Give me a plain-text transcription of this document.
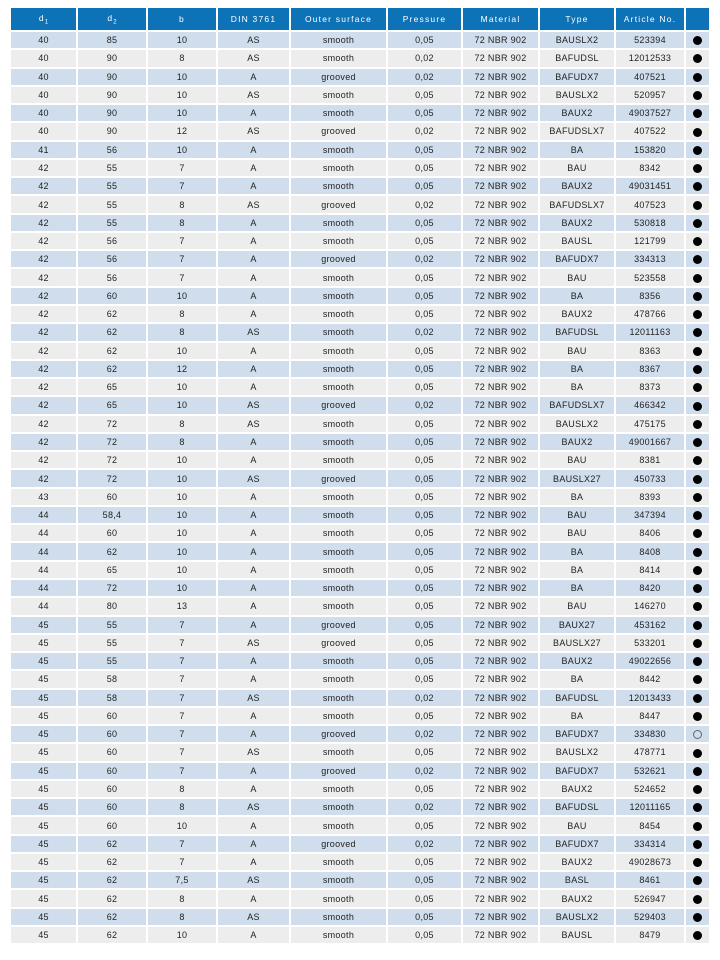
$d_1$	$d_2$	b	DIN 3761	Outer surface	Pressure	Material	Type	Article No.	
40	85	10	AS	smooth	0,05	72 NBR 902	BAUSLX2	523394	
40	90	8	AS	smooth	0,02	72 NBR 902	BAFUDSL	12012533	
40	90	10	A	grooved	0,02	72 NBR 902	BAFUDX7	407521	
40	90	10	AS	smooth	0,05	72 NBR 902	BAUSLX2	520957	
40	90	10	A	smooth	0,05	72 NBR 902	BAUX2	49037527	
40	90	12	AS	grooved	0,02	72 NBR 902	BAFUDSLX7	407522	
41	56	10	A	smooth	0,05	72 NBR 902	BA	153820	
42	55	7	A	smooth	0,05	72 NBR 902	BAU	8342	
42	55	7	A	smooth	0,05	72 NBR 902	BAUX2	49031451	
42	55	8	AS	grooved	0,02	72 NBR 902	BAFUDSLX7	407523	
42	55	8	A	smooth	0,05	72 NBR 902	BAUX2	530818	
42	56	7	A	smooth	0,05	72 NBR 902	BAUSL	121799	
42	56	7	A	grooved	0,02	72 NBR 902	BAFUDX7	334313	
42	56	7	A	smooth	0,05	72 NBR 902	BAU	523558	
42	60	10	A	smooth	0,05	72 NBR 902	BA	8356	
42	62	8	A	smooth	0,05	72 NBR 902	BAUX2	478766	
42	62	8	AS	smooth	0,02	72 NBR 902	BAFUDSL	12011163	
42	62	10	A	smooth	0,05	72 NBR 902	BAU	8363	
42	62	12	A	smooth	0,05	72 NBR 902	BA	8367	
42	65	10	A	smooth	0,05	72 NBR 902	BA	8373	
42	65	10	AS	grooved	0,02	72 NBR 902	BAFUDSLX7	466342	
42	72	8	AS	smooth	0,05	72 NBR 902	BAUSLX2	475175	
42	72	8	A	smooth	0,05	72 NBR 902	BAUX2	49001667	
42	72	10	A	smooth	0,05	72 NBR 902	BAU	8381	
42	72	10	AS	grooved	0,05	72 NBR 902	BAUSLX27	450733	
43	60	10	A	smooth	0,05	72 NBR 902	BA	8393	
44	58,4	10	A	smooth	0,05	72 NBR 902	BAU	347394	
44	60	10	A	smooth	0,05	72 NBR 902	BAU	8406	
44	62	10	A	smooth	0,05	72 NBR 902	BA	8408	
44	65	10	A	smooth	0,05	72 NBR 902	BA	8414	
44	72	10	A	smooth	0,05	72 NBR 902	BA	8420	
44	80	13	A	smooth	0,05	72 NBR 902	BAU	146270	
45	55	7	A	grooved	0,05	72 NBR 902	BAUX27	453162	
45	55	7	AS	grooved	0,05	72 NBR 902	BAUSLX27	533201	
45	55	7	A	smooth	0,05	72 NBR 902	BAUX2	49022656	
45	58	7	A	smooth	0,05	72 NBR 902	BA	8442	
45	58	7	AS	smooth	0,02	72 NBR 902	BAFUDSL	12013433	
45	60	7	A	smooth	0,05	72 NBR 902	BA	8447	
45	60	7	A	grooved	0,02	72 NBR 902	BAFUDX7	334830	
45	60	7	AS	smooth	0,05	72 NBR 902	BAUSLX2	478771	
45	60	7	A	grooved	0,02	72 NBR 902	BAFUDX7	532621	
45	60	8	A	smooth	0,05	72 NBR 902	BAUX2	524652	
45	60	8	AS	smooth	0,02	72 NBR 902	BAFUDSL	12011165	
45	60	10	A	smooth	0,05	72 NBR 902	BAU	8454	
45	62	7	A	grooved	0,02	72 NBR 902	BAFUDX7	334314	
45	62	7	A	smooth	0,05	72 NBR 902	BAUX2	49028673	
45	62	7,5	AS	smooth	0,05	72 NBR 902	BASL	8461	
45	62	8	A	smooth	0,05	72 NBR 902	BAUX2	526947	
45	62	8	AS	smooth	0,05	72 NBR 902	BAUSLX2	529403	
45	62	10	A	smooth	0,05	72 NBR 902	BAUSL	8479	
